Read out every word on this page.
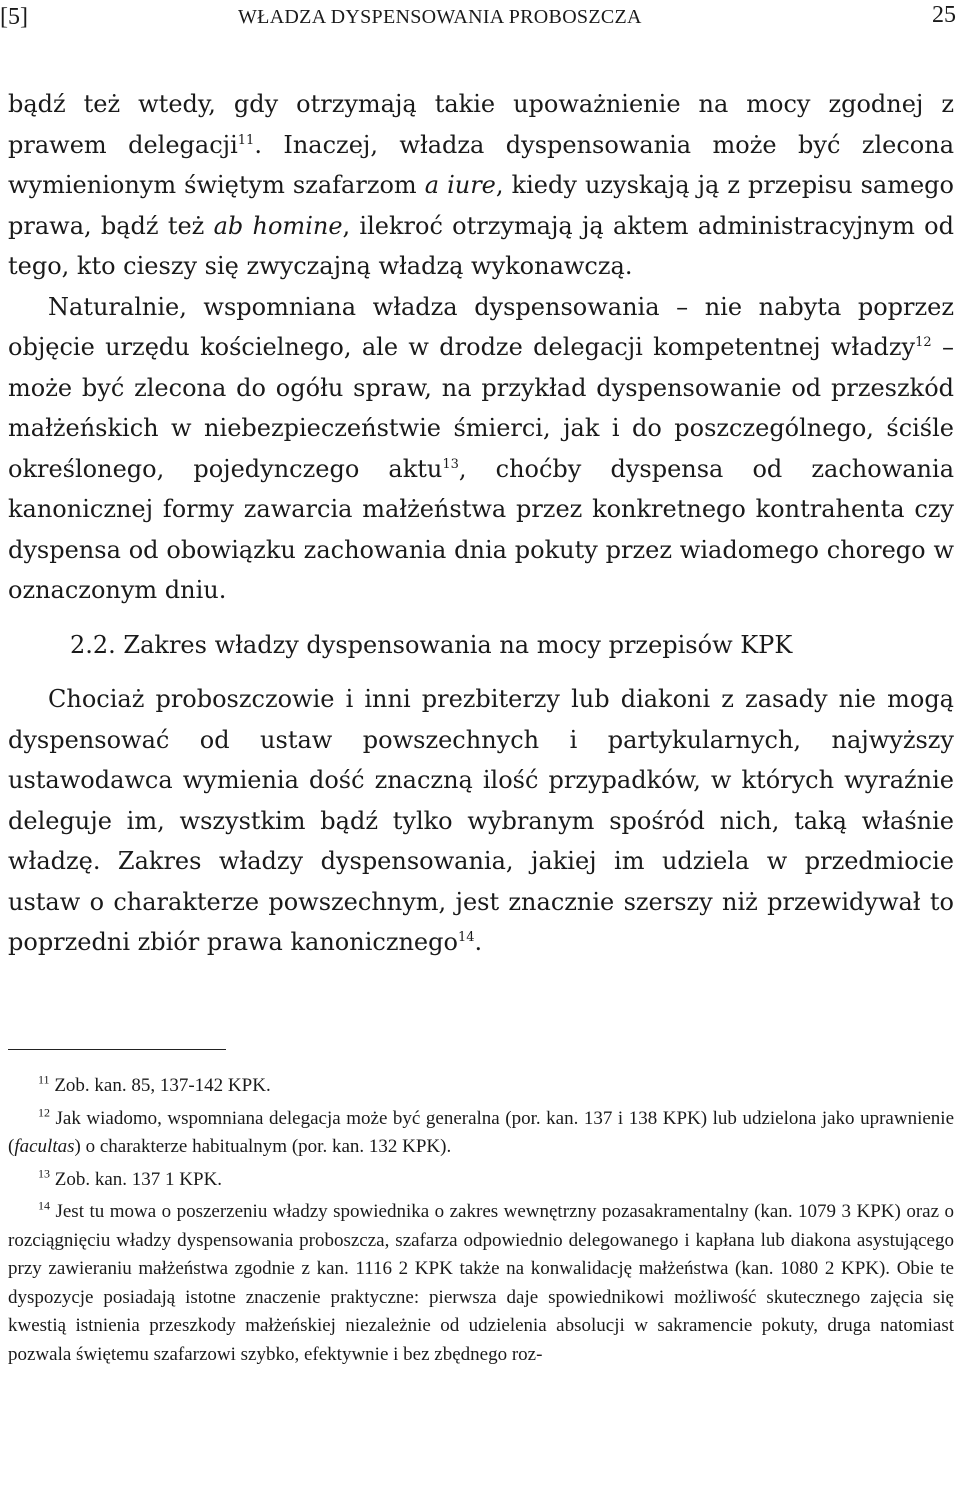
[5]	WŁADZA DYSPENSOWANIA PROBOSZCZA	25

bądź też wtedy, gdy otrzymają takie upoważnienie na mocy zgodnej z prawem delegacji$^{11}$. Inaczej, władza dyspensowania może być zlecona wymienionym świętym szafarzom a iure, kiedy uzyskają ją z przepisu samego prawa, bądź też ab homine, ilekroć otrzymają ją aktem administracyjnym od tego, kto cieszy się zwyczajną władzą wykonawczą.

Naturalnie, wspomniana władza dyspensowania – nie nabyta poprzez objęcie urzędu kościelnego, ale w drodze delegacji kompetentnej władzy$^{12}$ – może być zlecona do ogółu spraw, na przykład dyspensowanie od przeszkód małżeńskich w niebezpieczeństwie śmierci, jak i do poszczególnego, ściśle określonego, pojedynczego aktu$^{13}$, choćby dyspensa od zachowania kanonicznej formy zawarcia małżeństwa przez konkretnego kontrahenta czy dyspensa od obowiązku zachowania dnia pokuty przez wiadomego chorego w oznaczonym dniu.

2.2. Zakres władzy dyspensowania na mocy przepisów KPK

Chociaż proboszczowie i inni prezbiterzy lub diakoni z zasady nie mogą dyspensować od ustaw powszechnych i partykularnych, najwyższy ustawodawca wymienia dość znaczną ilość przypadków, w których wyraźnie deleguje im, wszystkim bądź tylko wybranym spośród nich, taką właśnie władzę. Zakres władzy dyspensowania, jakiej im udziela w przedmiocie ustaw o charakterze powszechnym, jest znacznie szerszy niż przewidywał to poprzedni zbiór prawa kanonicznego$^{14}$.

$^{11}$ Zob. kan. 85, 137-142 KPK.

$^{12}$ Jak wiadomo, wspomniana delegacja może być generalna (por. kan. 137 i 138 KPK) lub udzielona jako uprawnienie (facultas) o charakterze habitualnym (por. kan. 132 KPK).

$^{13}$ Zob. kan. 137 1 KPK.

$^{14}$ Jest tu mowa o poszerzeniu władzy spowiednika o zakres wewnętrzny pozasakramentalny (kan. 1079 3 KPK) oraz o rozciągnięciu władzy dyspensowania proboszcza, szafarza odpowiednio delegowanego i kapłana lub diakona asystującego przy zawieraniu małżeństwa zgodnie z kan. 1116 2 KPK także na konwalidację małżeństwa (kan. 1080 2 KPK). Obie te dyspozycje posiadają istotne znaczenie praktyczne: pierwsza daje spowiednikowi możliwość skutecznego zajęcia się kwestią istnienia przeszkody małżeńskiej niezależnie od udzielenia absolucji w sakramencie pokuty, druga natomiast pozwala świętemu szafarzowi szybko, efektywnie i bez zbędnego roz-
